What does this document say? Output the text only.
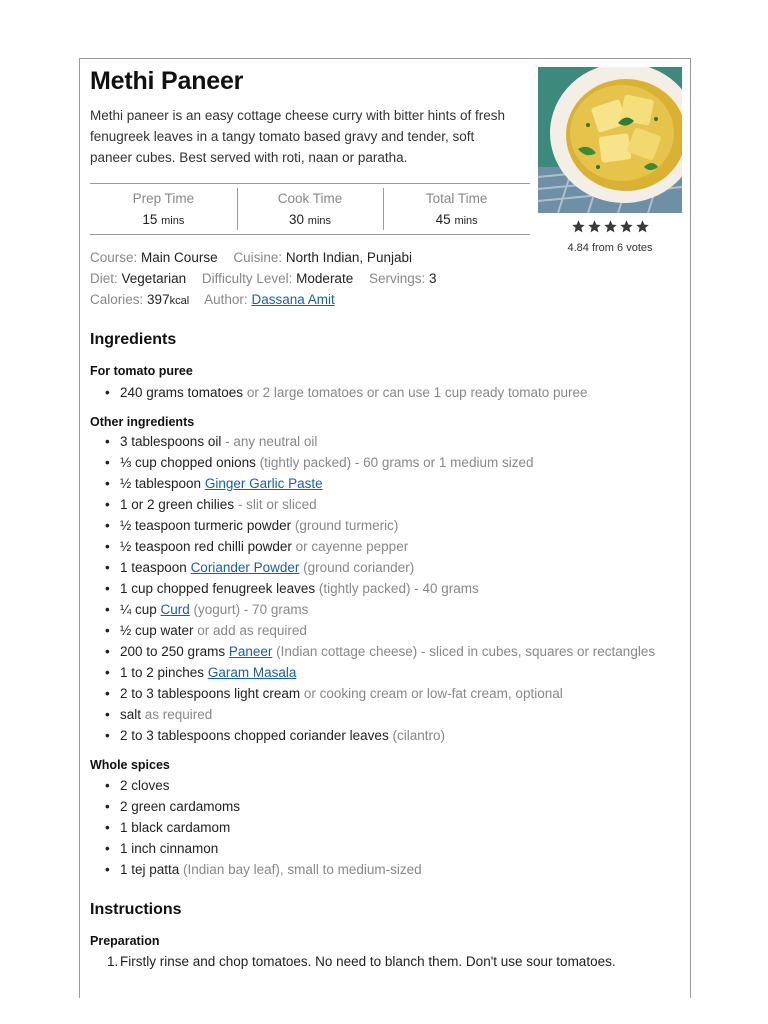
Methi Paneer

Methi paneer is an easy cottage cheese curry with bitter hints of fresh fenugreek leaves in a tangy tomato based gravy and tender, soft paneer cubes. Best served with roti, naan or paratha.

4.84 from 6 votes
Prep Time
15 mins
Cook Time
30 mins
Total Time
45 mins
Course: Main Course Cuisine: North Indian, Punjabi
Diet: Vegetarian Difficulty Level: Moderate Servings: 3
Calories: 397kcal Author: Dassana Amit
Ingredients
For tomato puree
• 240 grams tomatoes or 2 large tomatoes or can use 1 cup ready tomato puree
Other ingredients
• 3 tablespoons oil - any neutral oil
• ⅓ cup chopped onions (tightly packed) - 60 grams or 1 medium sized
• ½ tablespoon Ginger Garlic Paste
• 1 or 2 green chilies - slit or sliced
• ½ teaspoon turmeric powder (ground turmeric)
• ½ teaspoon red chilli powder or cayenne pepper
• 1 teaspoon Coriander Powder (ground coriander)
• 1 cup chopped fenugreek leaves (tightly packed) - 40 grams
• ¼ cup Curd (yogurt) - 70 grams
• ½ cup water or add as required
• 200 to 250 grams Paneer (Indian cottage cheese) - sliced in cubes, squares or rectangles
• 1 to 2 pinches Garam Masala
• 2 to 3 tablespoons light cream or cooking cream or low-fat cream, optional
• salt as required
• 2 to 3 tablespoons chopped coriander leaves (cilantro)
Whole spices
• 2 cloves
• 2 green cardamoms
• 1 black cardamom
• 1 inch cinnamon
• 1 tej patta (Indian bay leaf), small to medium-sized
Instructions
Preparation
1. Firstly rinse and chop tomatoes. No need to blanch them. Don't use sour tomatoes.
